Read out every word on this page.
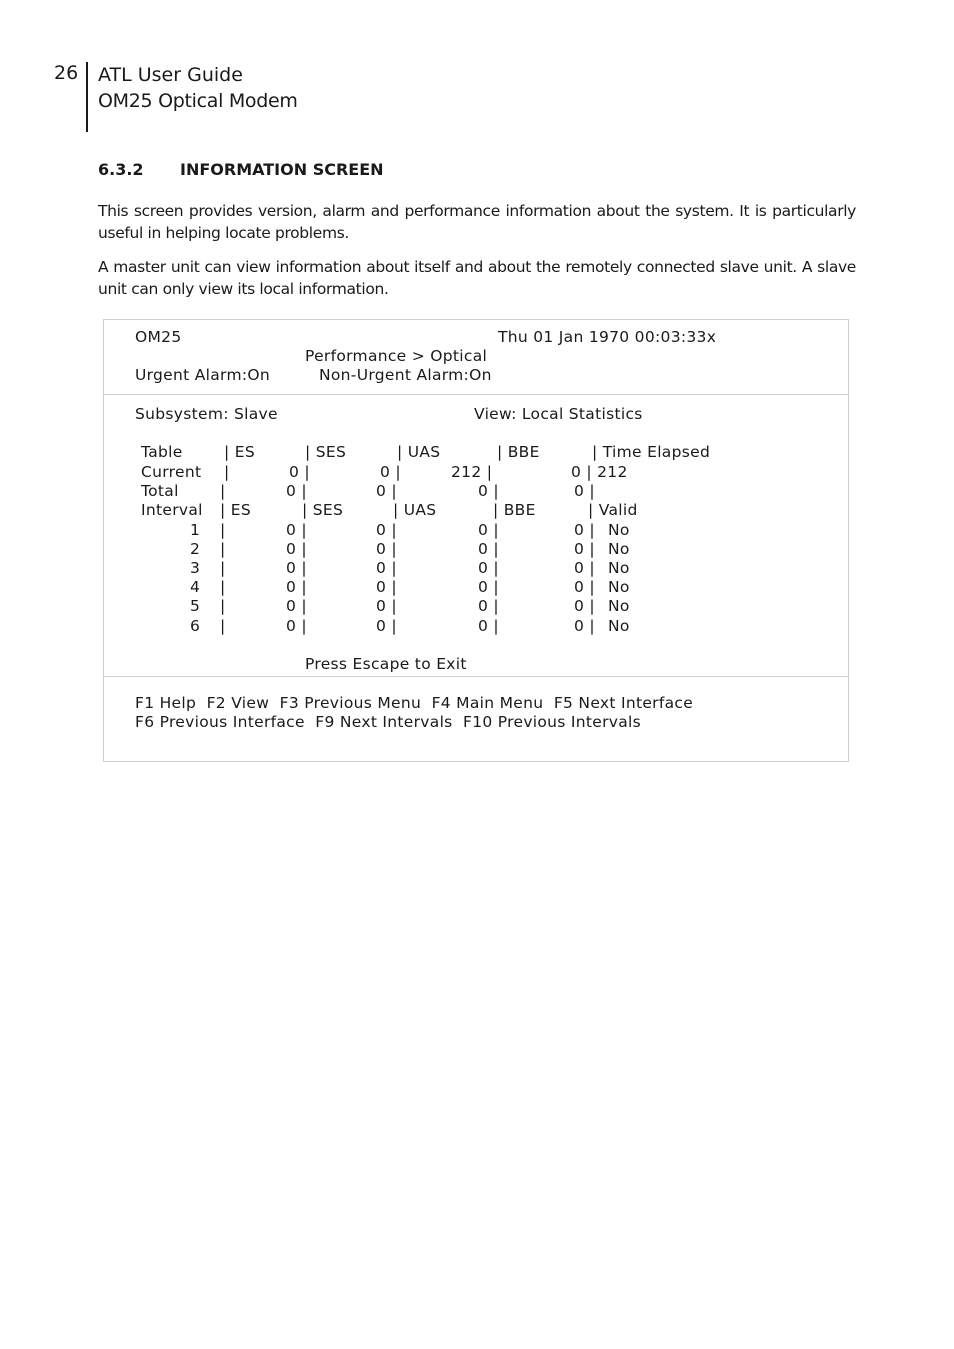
26 ATL User Guide
OM25 Optical Modem
6.3.2 INFORMATION SCREEN
This screen provides version, alarm and performance information about the system. It is particularly useful in helping locate problems.
A master unit can view information about itself and about the remotely connected slave unit. A slave unit can only view its local information.
OM25	Thu 01 Jan 1970 00:03:33x
Performance > Optical
Urgent Alarm:On	Non-Urgent Alarm:On
Subsystem: Slave	View: Local Statistics
Table	| ES	| SES	| UAS	| BBE	| Time Elapsed
Current |	0 |	0 |	212 |	0 | 212
Total	|	0 |	0 |	0 |	0 |
Interval | ES	| SES	| UAS	| BBE	| Valid
1 |	0 |	0 |	0 |	0 | No
2 |	0 |	0 |	0 |	0 | No
3 |	0 |	0 |	0 |	0 | No
4 |	0 |	0 |	0 |	0 | No
5 |	0 |	0 |	0 |	0 | No
6 |	0 |	0 |	0 |	0 | No
Press Escape to Exit
F1 Help  F2 View  F3 Previous Menu  F4 Main Menu  F5 Next Interface
F6 Previous Interface  F9 Next Intervals  F10 Previous Intervals
